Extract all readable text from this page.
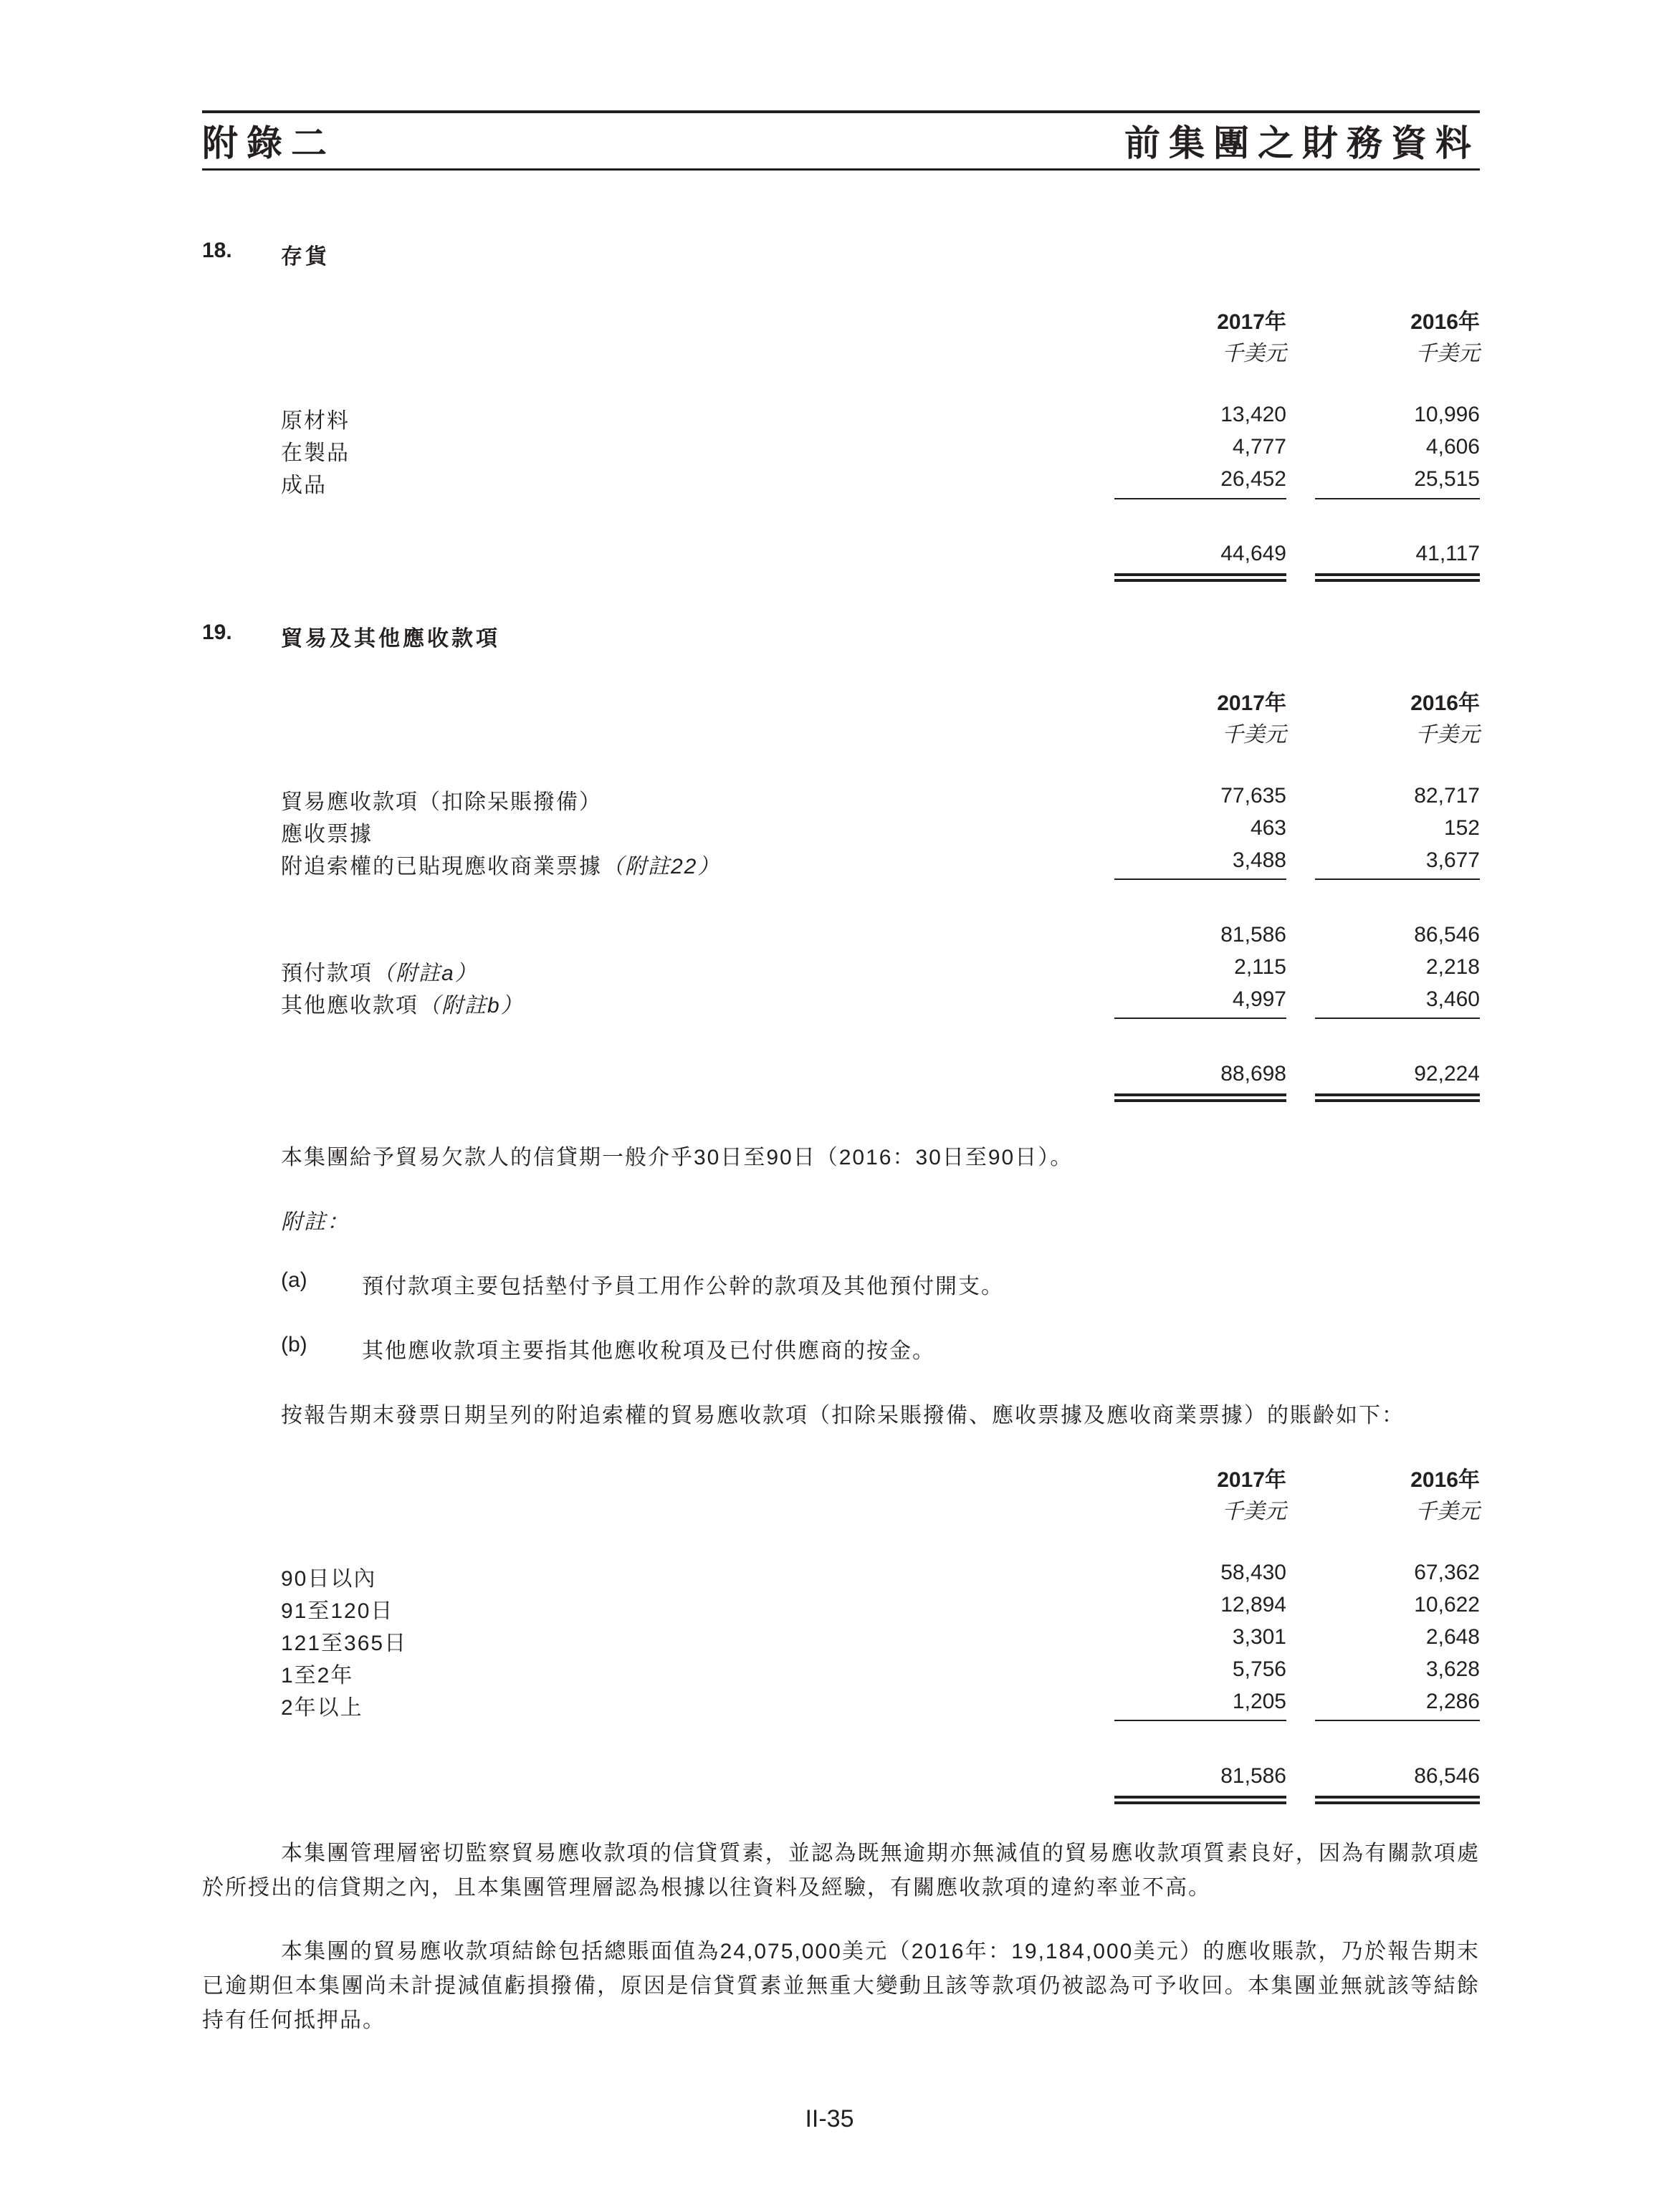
附錄二	前集團之財務資料
18. 存貨
2017年	2016年
千美元	千美元
原材料	13,420	10,996
在製品	4,777	4,606
成品	26,452	25,515
44,649	41,117
19. 貿易及其他應收款項
2017年	2016年
千美元	千美元
貿易應收款項（扣除呆賬撥備）	77,635	82,717
應收票據	463	152
附追索權的已貼現應收商業票據（附註22）	3,488	3,677
81,586	86,546
預付款項（附註a）	2,115	2,218
其他應收款項（附註b）	4,997	3,460
88,698	92,224
本集團給予貿易欠款人的信貸期一般介乎30日至90日（2016：30日至90日）。
附註：
(a)	預付款項主要包括墊付予員工用作公幹的款項及其他預付開支。
(b)	其他應收款項主要指其他應收稅項及已付供應商的按金。
按報告期末發票日期呈列的附追索權的貿易應收款項（扣除呆賬撥備、應收票據及應收商業票據）的賬齡如下：
2017年	2016年
千美元	千美元
90日以內	58,430	67,362
91至120日	12,894	10,622
121至365日	3,301	2,648
1至2年	5,756	3,628
2年以上	1,205	2,286
81,586	86,546
本集團管理層密切監察貿易應收款項的信貸質素，並認為既無逾期亦無減值的貿易應收款項質素良好，因為有關款項處於所授出的信貸期之內，且本集團管理層認為根據以往資料及經驗，有關應收款項的違約率並不高。
本集團的貿易應收款項結餘包括總賬面值為24,075,000美元（2016年：19,184,000美元）的應收賬款，乃於報告期末已逾期但本集團尚未計提減值虧損撥備，原因是信貸質素並無重大變動且該等款項仍被認為可予收回。本集團並無就該等結餘持有任何抵押品。
II-35
